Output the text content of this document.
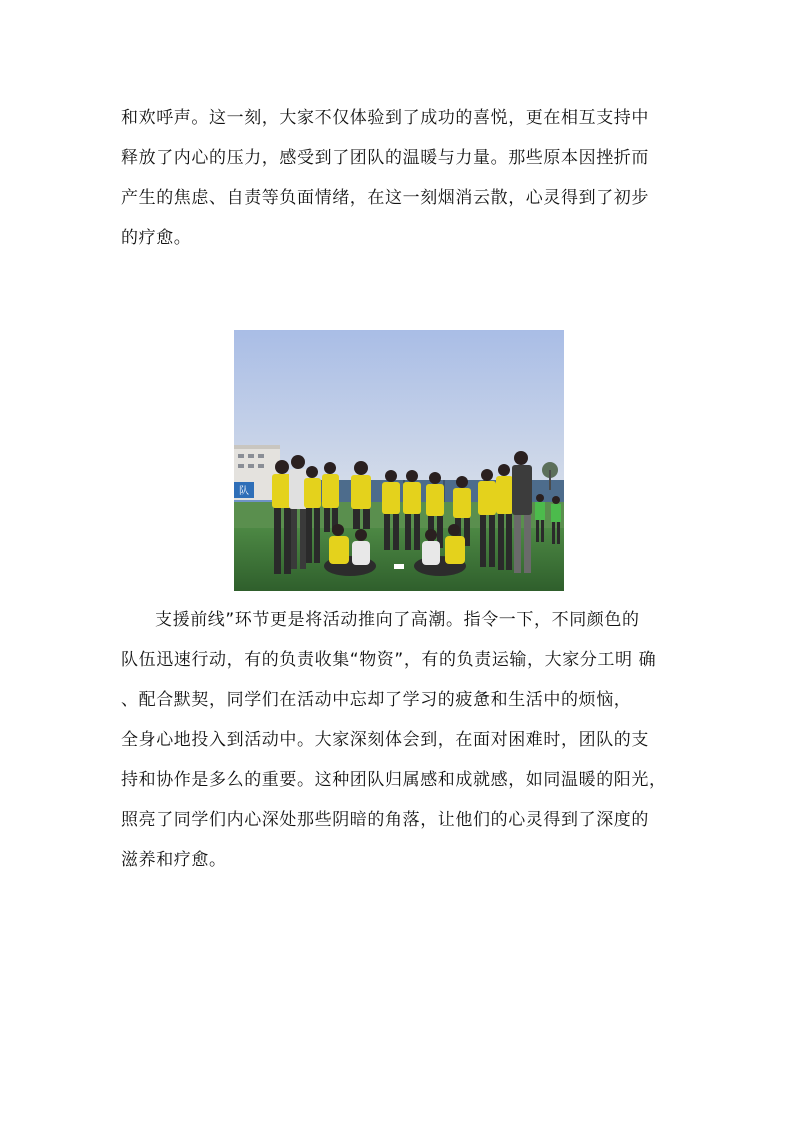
和欢呼声。这一刻，大家不仅体验到了成功的喜悦，更在相互支持中
释放了内心的压力，感受到了团队的温暖与力量。那些原本因挫折而
产生的焦虑、自责等负面情绪，在这一刻烟消云散，心灵得到了初步
的疗愈。

队

支援前线”环节更是将活动推向了高潮。指令一下，不同颜色的
队伍迅速行动，有的负责收集“物资”，有的负责运输，大家分工明 确
、配合默契，同学们在活动中忘却了学习的疲惫和生活中的烦恼，
全身心地投入到活动中。大家深刻体会到，在面对困难时，团队的支
持和协作是多么的重要。这种团队归属感和成就感，如同温暖的阳光，
照亮了同学们内心深处那些阴暗的角落，让他们的心灵得到了深度的
滋养和疗愈。
